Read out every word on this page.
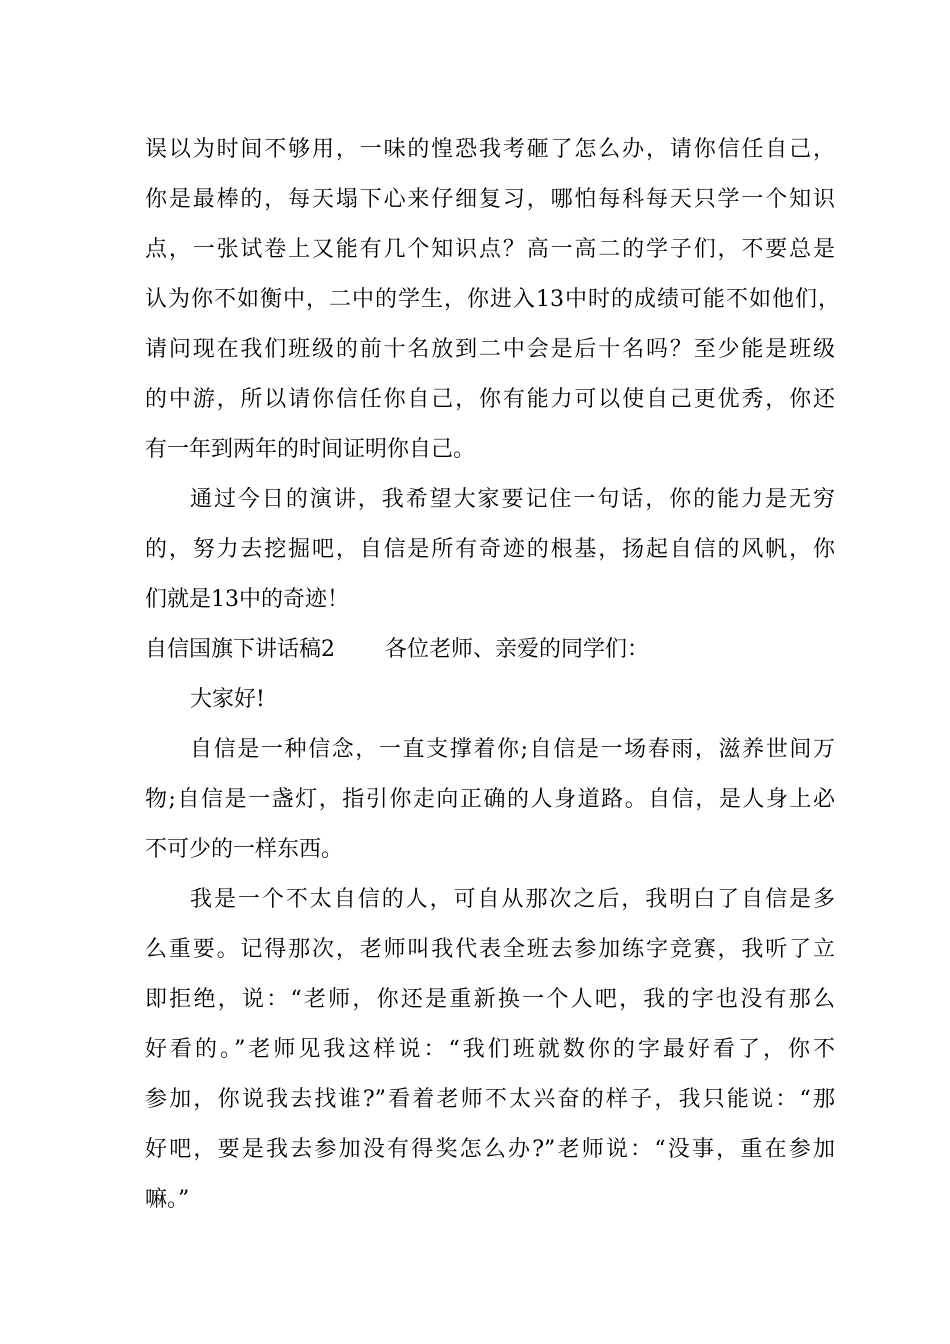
误以为时间不够用，一味的惶恐我考砸了怎么办，请你信任自己，
你是最棒的，每天塌下心来仔细复习，哪怕每科每天只学一个知识
点，一张试卷上又能有几个知识点？高一高二的学子们，不要总是
认为你不如衡中，二中的学生，你进入13中时的成绩可能不如他们，
请问现在我们班级的前十名放到二中会是后十名吗？至少能是班级
的中游，所以请你信任你自己，你有能力可以使自己更优秀，你还
有一年到两年的时间证明你自己。
通过今日的演讲，我希望大家要记住一句话，你的能力是无穷
的，努力去挖掘吧，自信是所有奇迹的根基，扬起自信的风帆，你
们就是13中的奇迹！
自信国旗下讲话稿2	各位老师、亲爱的同学们：
大家好!
自信是一种信念，一直支撑着你;自信是一场春雨，滋养世间万
物;自信是一盏灯，指引你走向正确的人身道路。自信，是人身上必
不可少的一样东西。
我是一个不太自信的人，可自从那次之后，我明白了自信是多
么重要。记得那次，老师叫我代表全班去参加练字竞赛，我听了立
即拒绝，说：“老师，你还是重新换一个人吧，我的字也没有那么
好看的。”老师见我这样说：“我们班就数你的字最好看了，你不
参加，你说我去找谁?”看着老师不太兴奋的样子，我只能说：“那
好吧，要是我去参加没有得奖怎么办?”老师说：“没事，重在参加
嘛。”
